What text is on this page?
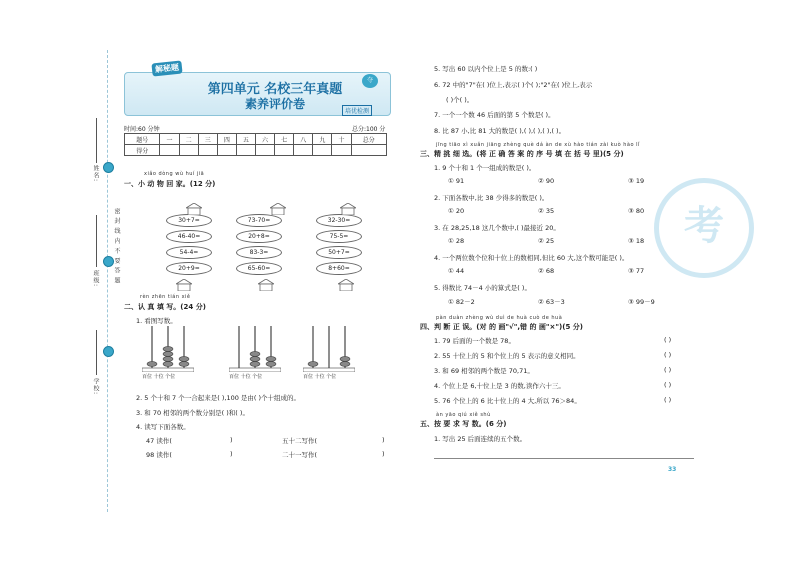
姓名:
班级:
学校:
密 封 线 内 不 要 答 题
解秘题
第四单元 名校三年真题
素养评价卷
夺
培优检测
时间:60 分钟	总分:100 分
题号	一	二	三	四	五	六	七	八	九	十	总分
得分											
xiǎo dòng wù huí jiā
一、小 动 物 回 家。(12 分)
30+7=	73-70=	32-30=
46-40=	20+8=	75-5=
54-4=	83-3=	50+7=
20+9=	65-60=	8+60=
rèn zhēn tián xiě
二、认 真 填 写。(24 分)
1. 看图写数。
百位 十位 个位	百位 十位 个位	百位 十位 个位
2. 5 个十和 7 个一合起来是( ),100 是由( )个十组成的。
3. 和 70 相邻的两个数分别是( )和( )。
4. 读写下面各数。
47 读作(	)	五十二写作(	)
98 读作(	)	二十一写作(	)
5. 写出 60 以内个位上是 5 的数:( )
6. 72 中的"7"在( )位上,表示( )个( );"2"在( )位上,表示
( )个( )。
7. 一个一个数 46 后面的第 5 个数是( )。
8. 比 87 小,比 81 大的数是( ),( ),( ),( ),( )。
jīng tiāo xì xuǎn jiāng zhèng què dá àn de xù hào tián zài kuò hào lǐ
三、精 挑 细 选。(将 正 确 答 案 的 序 号 填 在 括 号 里)(5 分)
1. 9 个十和 1 个一组成的数是( )。
① 91	② 90	③ 19
2. 下面各数中,比 38 少得多的数是( )。
① 20	② 35	③ 80
3. 在 28,25,18 这几个数中,( )最接近 20。
① 28	② 25	③ 18
4. 一个两位数个位和十位上的数相同,但比 60 大,这个数可能是( )。
① 44	② 68	③ 77
5. 得数比 74－4 小的算式是( )。
① 82－2	② 63－3	③ 99－9
pàn duàn zhèng wù duì de huà cuò de huà
四、判 断 正 误。(对 的 画"√",错 的 画"×")(5 分)
1. 79 后面的一个数是 78。	( )
2. 55 十位上的 5 和个位上的 5 表示的意义相同。	( )
3. 和 69 相邻的两个数是 70,71。	( )
4. 个位上是 6,十位上是 3 的数,读作六十三。	( )
5. 76 个位上的 6 比十位上的 4 大,所以 76＞84。	( )
àn yāo qiú xiě shù
五、按 要 求 写 数。(6 分)
1. 写出 25 后面连续的五个数。
考
33
